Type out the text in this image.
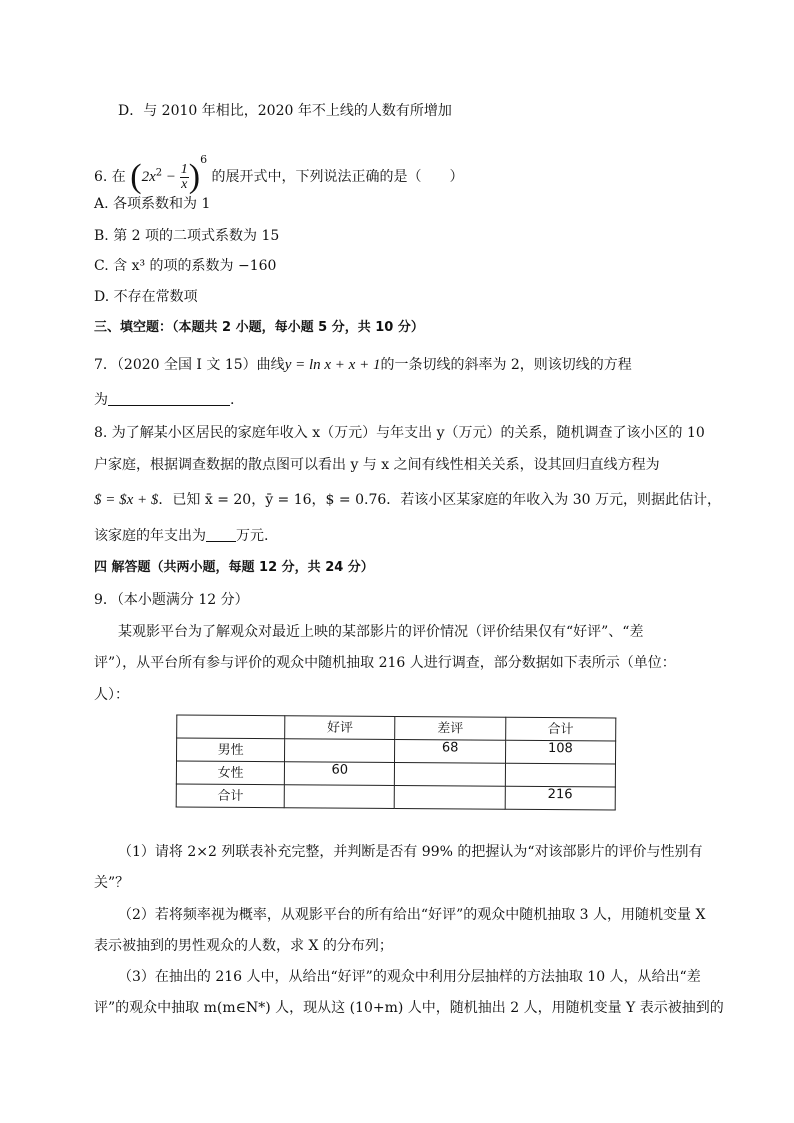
D．与 2010 年相比，2020 年不上线的人数有所增加
6. 在 $(2x^2 - \frac{1}{x} )^6$ 的展开式中，下列说法正确的是（　　）
A. 各项系数和为 1
B. 第 2 项的二项式系数为 15
C. 含 x³ 的项的系数为 −160
D. 不存在常数项
三、填空题：（本题共 2 小题，每小题 5 分，共 10 分）
7．（2020 全国 I 文 15）曲线y = ln x + x + 1的一条切线的斜率为 2，则该切线的方程
为	.
8. 为了解某小区居民的家庭年收入 x（万元）与年支出 y（万元）的关系，随机调查了该小区的 10
户家庭，根据调查数据的散点图可以看出 y 与 x 之间有线性相关关系，设其回归直线方程为
$ = $x + $．已知 x̄ = 20，ȳ = 16，$ = 0.76．若该小区某家庭的年收入为 30 万元，则据此估计，
该家庭的年支出为 万元.
四 解答题（共两小题，每题 12 分，共 24 分）
9．（本小题满分 12 分）
某观影平台为了解观众对最近上映的某部影片的评价情况（评价结果仅有“好评”、“差
评”），从平台所有参与评价的观众中随机抽取 216 人进行调查，部分数据如下表所示（单位：
人）：
	好评	差评	合计
男性		68	108
女性	60		
合计			216
（1）请将 2×2 列联表补充完整，并判断是否有 99% 的把握认为“对该部影片的评价与性别有
关”？
（2）若将频率视为概率，从观影平台的所有给出“好评”的观众中随机抽取 3 人，用随机变量 X
表示被抽到的男性观众的人数，求 X 的分布列；
（3）在抽出的 216 人中，从给出“好评”的观众中利用分层抽样的方法抽取 10 人，从给出“差
评”的观众中抽取 m(m∈N*) 人，现从这 (10+m) 人中，随机抽出 2 人，用随机变量 Y 表示被抽到的
